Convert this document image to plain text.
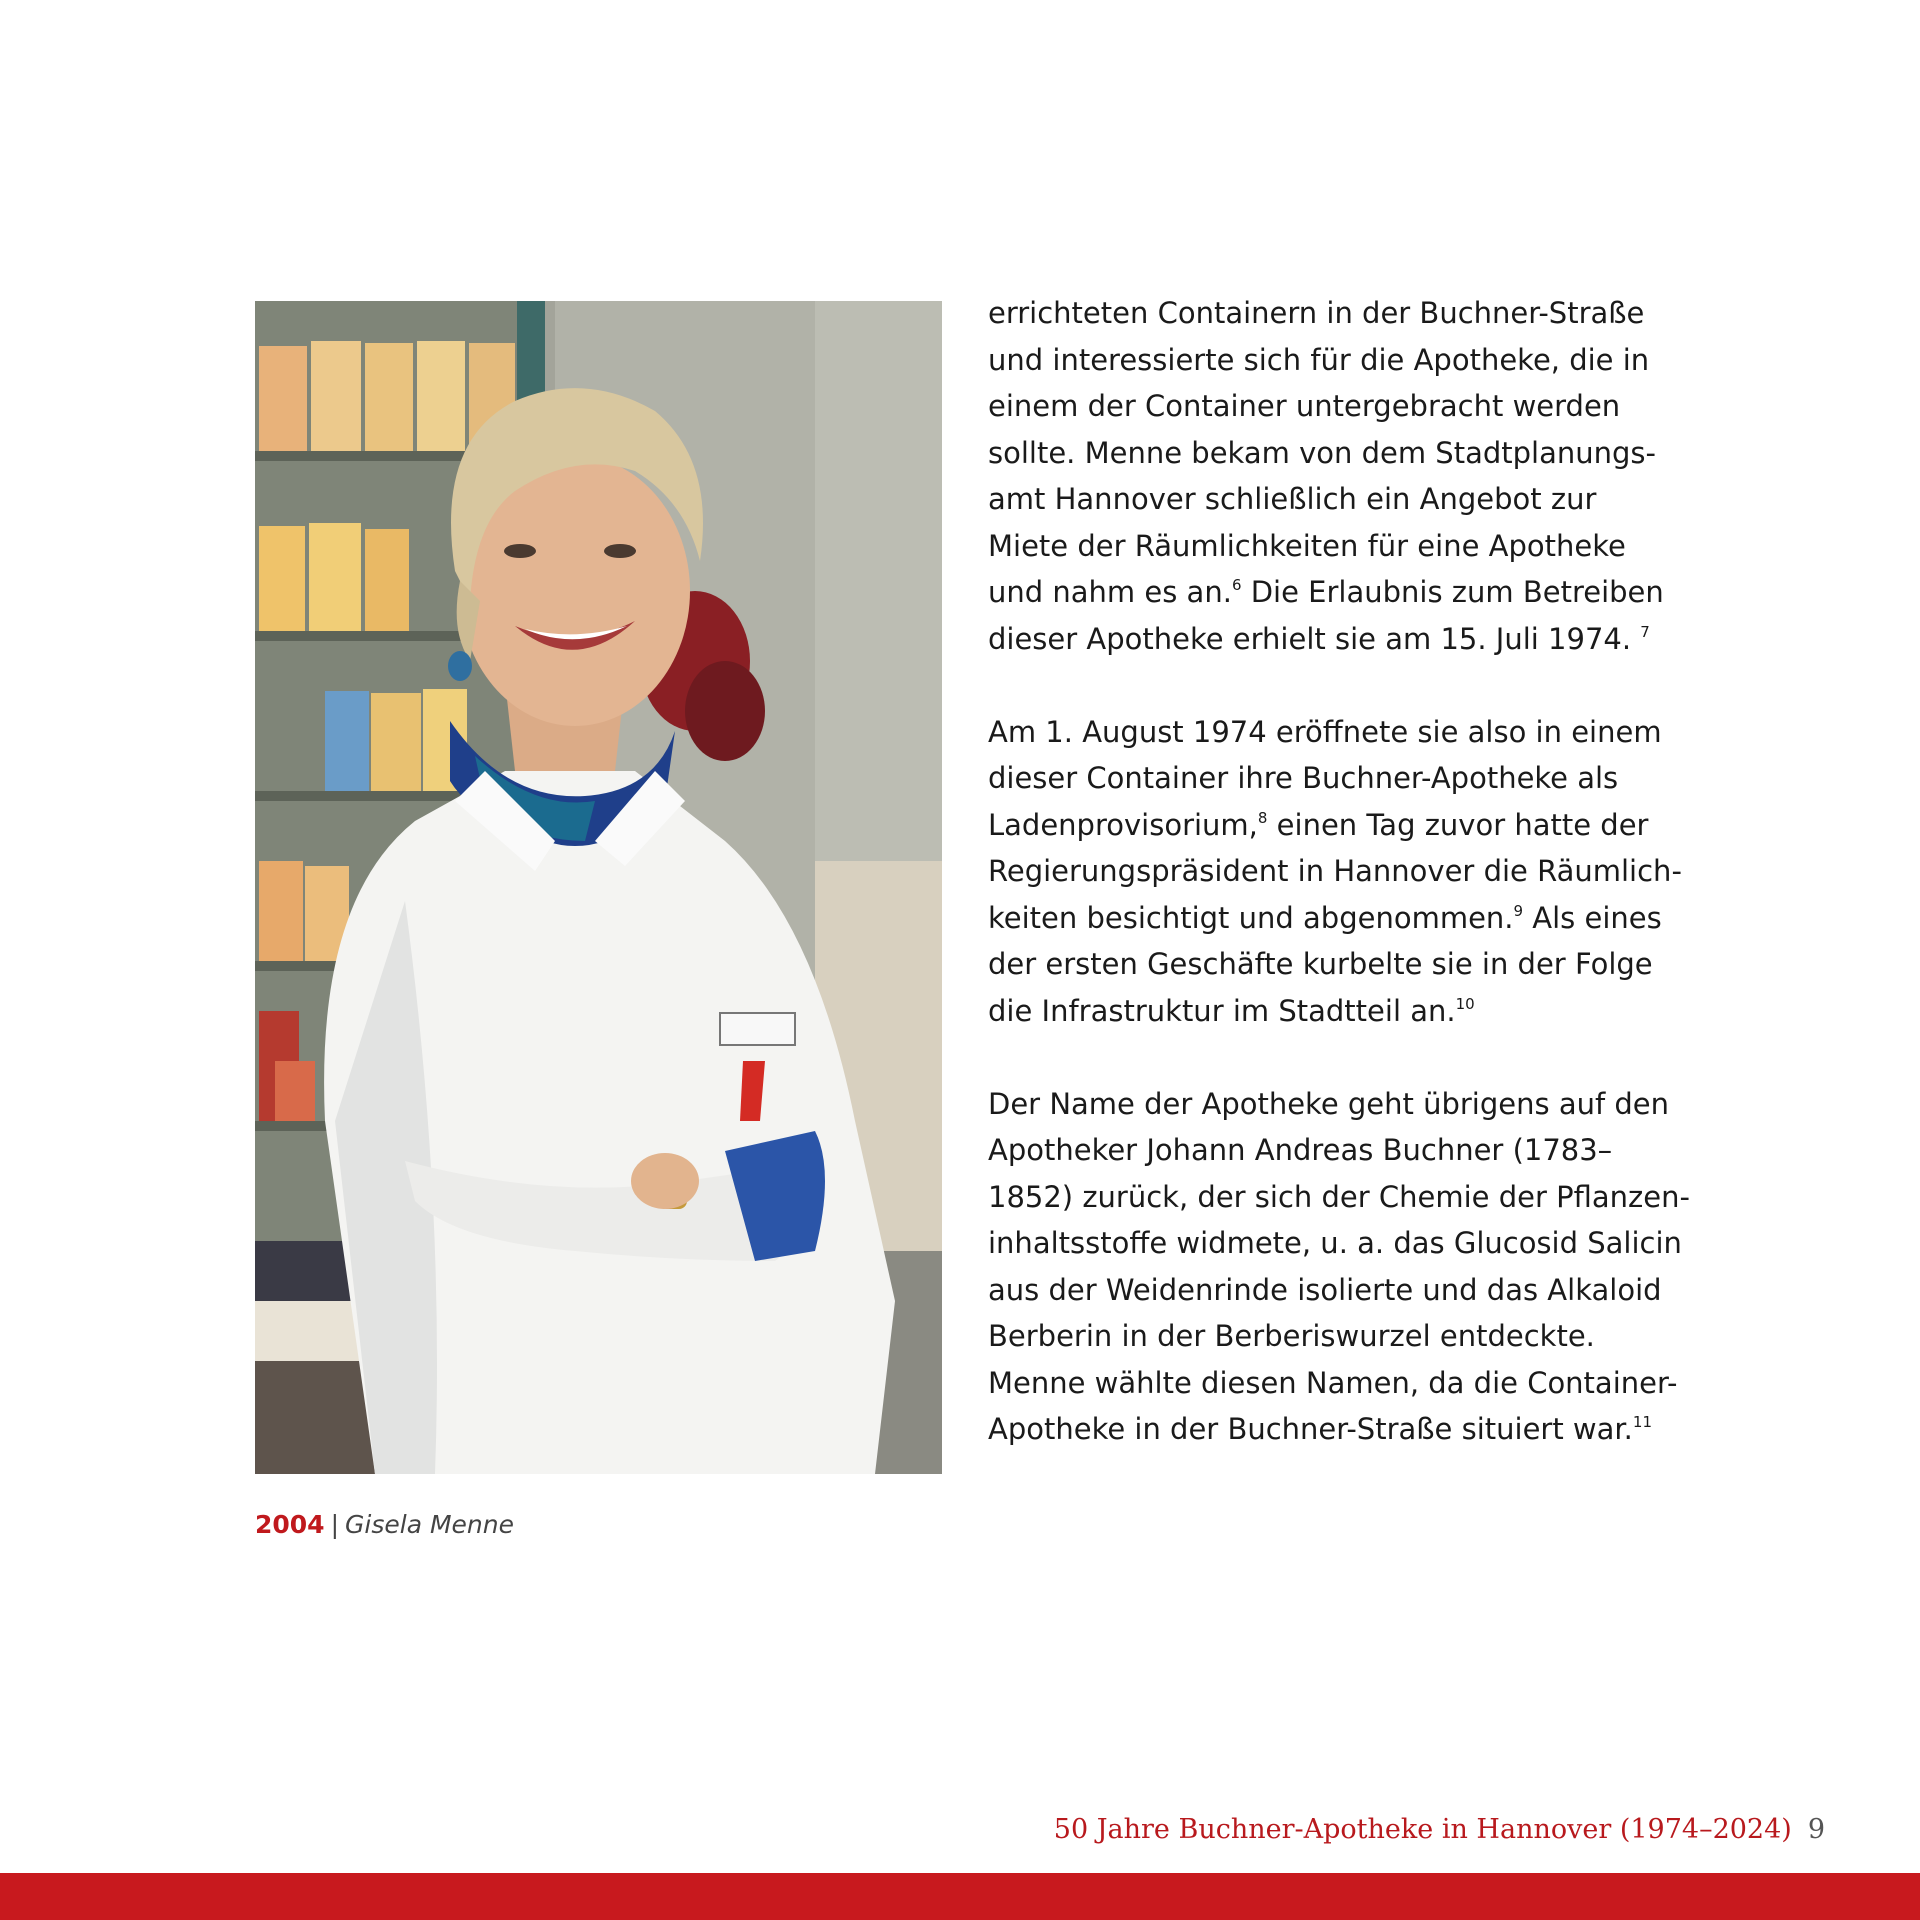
2004 | Gisela Menne

errichteten Containern in der Buchner-Straße
und interessierte sich für die Apotheke, die in
einem der Container untergebracht werden
sollte. Menne bekam von dem Stadtplanungs-
amt Hannover schließlich ein Angebot zur
Miete der Räumlichkeiten für eine Apotheke
und nahm es an.$^6$ Die Erlaubnis zum Betreiben
dieser Apotheke erhielt sie am 15. Juli 1974. $^7$

Am 1. August 1974 eröffnete sie also in einem
dieser Container ihre Buchner-Apotheke als
Ladenprovisorium,$^8$ einen Tag zuvor hatte der
Regierungspräsident in Hannover die Räumlich-
keiten besichtigt und abgenommen.$^9$ Als eines
der ersten Geschäfte kurbelte sie in der Folge
die Infrastruktur im Stadtteil an.$^{10}$

Der Name der Apotheke geht übrigens auf den
Apotheker Johann Andreas Buchner (1783–
1852) zurück, der sich der Chemie der Pflanzen-
inhaltsstoffe widmete, u. a. das Glucosid Salicin
aus der Weidenrinde isolierte und das Alkaloid
Berberin in der Berberiswurzel entdeckte.
Menne wählte diesen Namen, da die Container-
Apotheke in der Buchner-Straße situiert war.$^{11}$

50 Jahre Buchner-Apotheke in Hannover (1974–2024) 9
